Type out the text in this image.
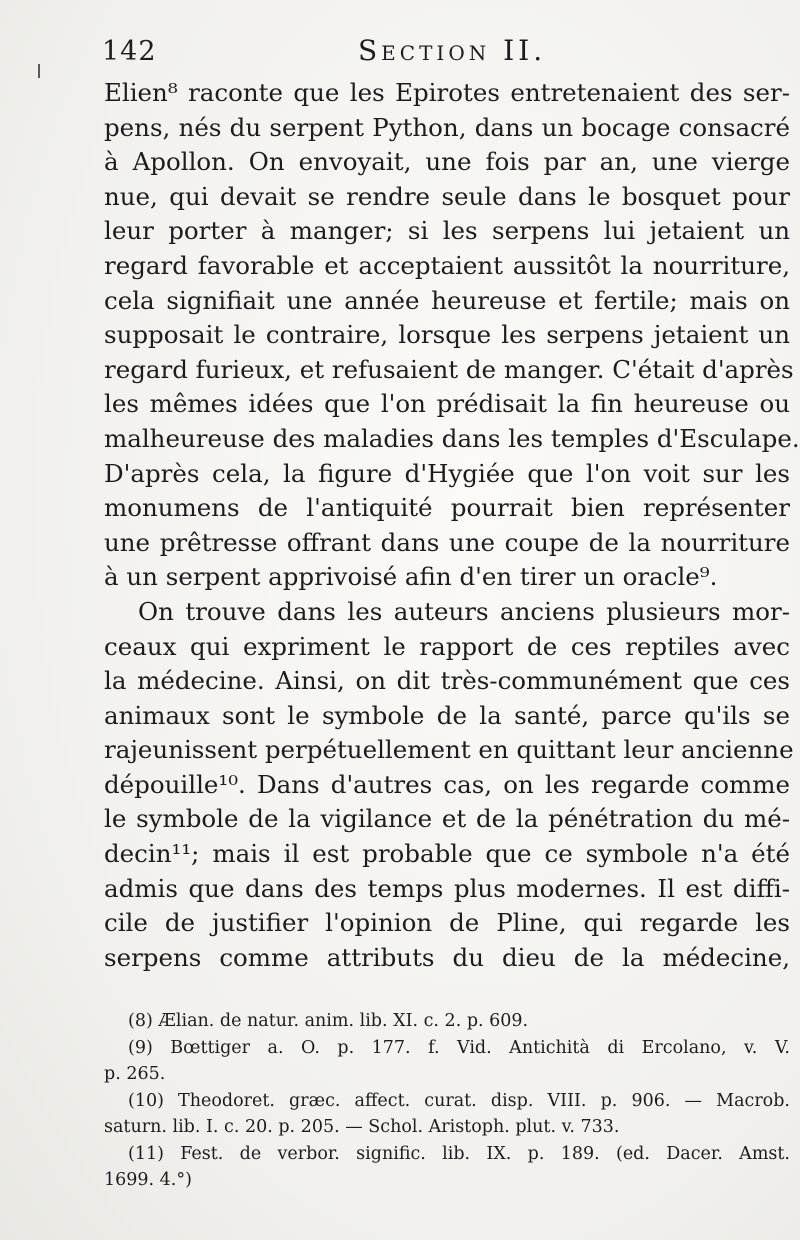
142	Section II.
Elien⁸ raconte que les Epirotes entretenaient des ser-
pens, nés du serpent Python, dans un bocage consacré
à Apollon. On envoyait, une fois par an, une vierge
nue, qui devait se rendre seule dans le bosquet pour
leur porter à manger; si les serpens lui jetaient un
regard favorable et acceptaient aussitôt la nourriture,
cela signifiait une année heureuse et fertile; mais on
supposait le contraire, lorsque les serpens jetaient un
regard furieux, et refusaient de manger. C'était d'après
les mêmes idées que l'on prédisait la fin heureuse ou
malheureuse des maladies dans les temples d'Esculape.
D'après cela, la figure d'Hygiée que l'on voit sur les
monumens de l'antiquité pourrait bien représenter
une prêtresse offrant dans une coupe de la nourriture
à un serpent apprivoisé afin d'en tirer un oracle⁹.
On trouve dans les auteurs anciens plusieurs mor-
ceaux qui expriment le rapport de ces reptiles avec
la médecine. Ainsi, on dit très-communément que ces
animaux sont le symbole de la santé, parce qu'ils se
rajeunissent perpétuellement en quittant leur ancienne
dépouille¹⁰. Dans d'autres cas, on les regarde comme
le symbole de la vigilance et de la pénétration du mé-
decin¹¹; mais il est probable que ce symbole n'a été
admis que dans des temps plus modernes. Il est diffi-
cile de justifier l'opinion de Pline, qui regarde les
serpens comme attributs du dieu de la médecine,
(8) Ælian. de natur. anim. lib. XI. c. 2. p. 609.
(9) Bœttiger a. O. p. 177. f. Vid. Antichità di Ercolano, v. V.
p. 265.
(10) Theodoret. græc. affect. curat. disp. VIII. p. 906. — Macrob.
saturn. lib. I. c. 20. p. 205. — Schol. Aristoph. plut. v. 733.
(11) Fest. de verbor. signific. lib. IX. p. 189. (ed. Dacer. Amst.
1699. 4.°)
